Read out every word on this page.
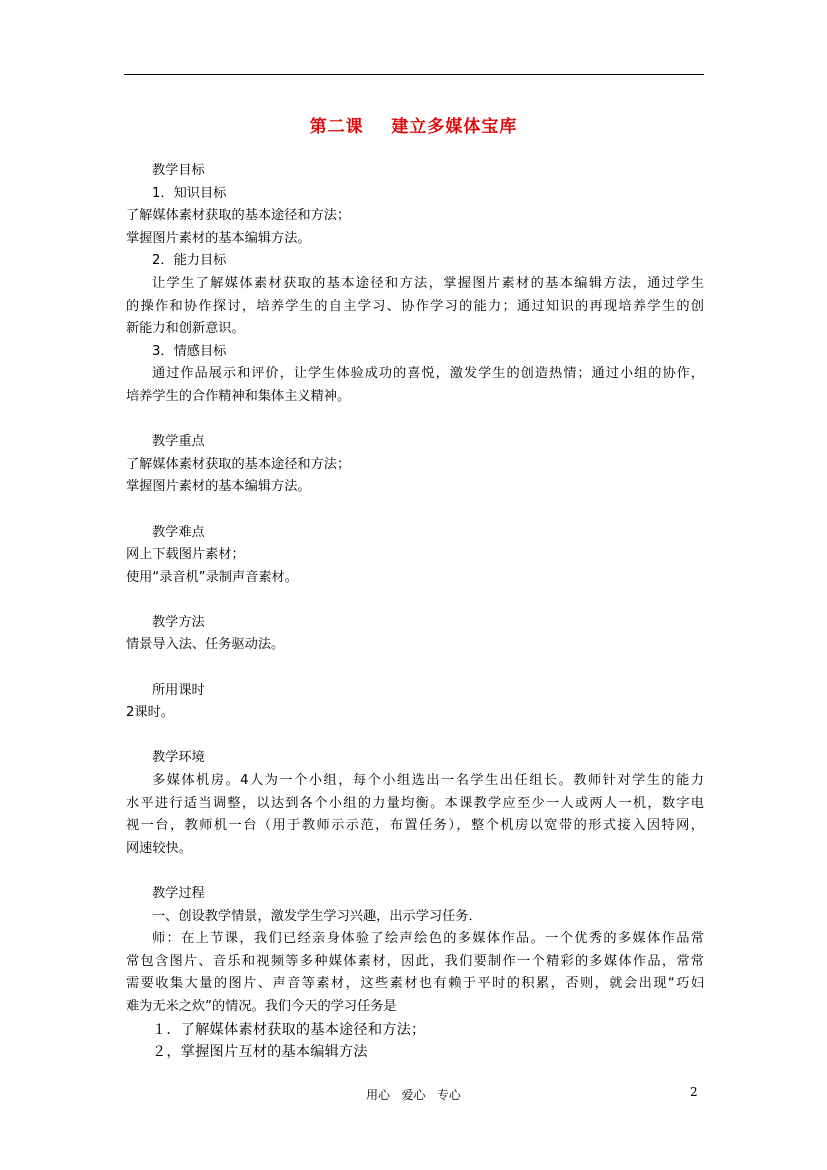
第二课    建立多媒体宝库
教学目标
1．知识目标
了解媒体素材获取的基本途径和方法；
掌握图片素材的基本编辑方法。
2．能力目标
让学生了解媒体素材获取的基本途径和方法，掌握图片素材的基本编辑方法，通过学生
的操作和协作探讨，培养学生的自主学习、协作学习的能力；通过知识的再现培养学生的创
新能力和创新意识。
3．情感目标
通过作品展示和评价，让学生体验成功的喜悦，激发学生的创造热情；通过小组的协作，
培养学生的合作精神和集体主义精神。
教学重点
了解媒体素材获取的基本途径和方法；
掌握图片素材的基本编辑方法。
教学难点
网上下载图片素材；
使用“录音机”录制声音素材。
教学方法
情景导入法、任务驱动法。
所用课时
2课时。
教学环境
多媒体机房。4人为一个小组，每个小组选出一名学生出任组长。教师针对学生的能力
水平进行适当调整，以达到各个小组的力量均衡。本课教学应至少一人或两人一机，数字电
视一台，教师机一台（用于教师示示范，布置任务），整个机房以宽带的形式接入因特网，
网速较快。
教学过程
一、创设教学情景，激发学生学习兴趣，出示学习任务．
师：在上节课，我们已经亲身体验了绘声绘色的多媒体作品。一个优秀的多媒体作品常
常包含图片、音乐和视频等多种媒体素材，因此，我们要制作一个精彩的多媒体作品，常常
需要收集大量的图片、声音等素材，这些素材也有赖于平时的积累，否则，就会出现“巧妇
难为无米之炊”的情况。我们今天的学习任务是
１．了解媒体素材获取的基本途径和方法；
２，掌握图片互材的基本编辑方法
用心   爱心   专心	2
